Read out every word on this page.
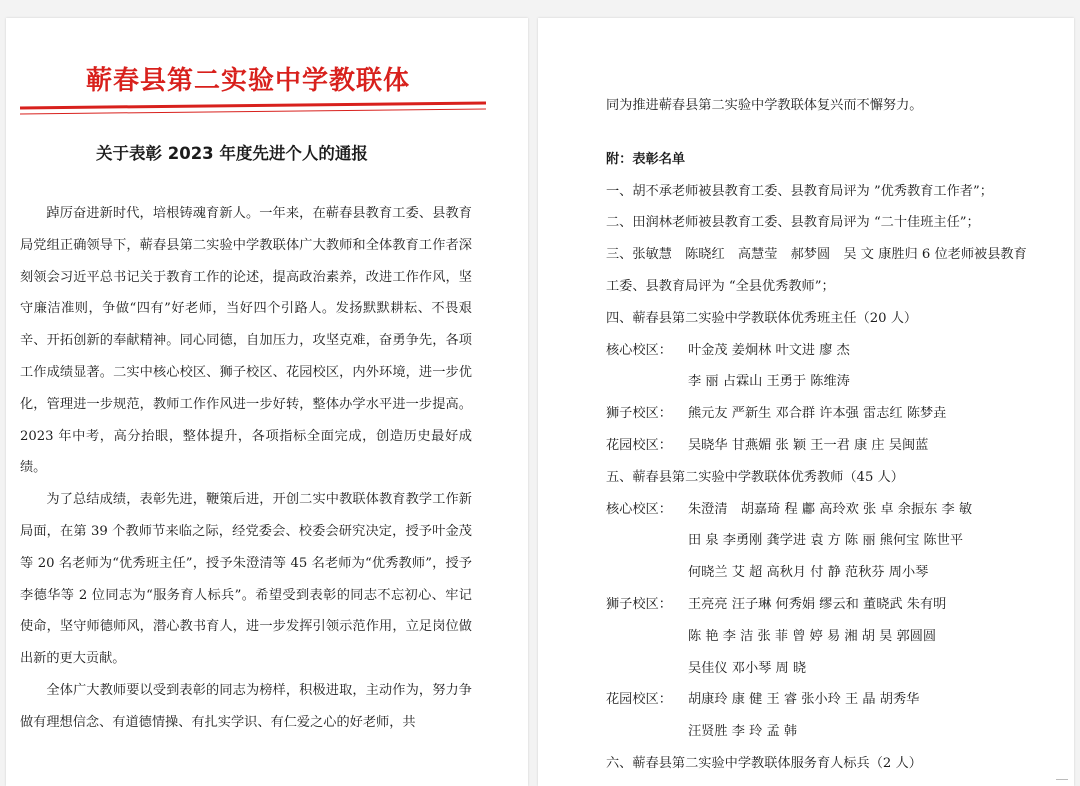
蕲春县第二实验中学教联体
关于表彰 2023 年度先进个人的通报

踔厉奋进新时代，培根铸魂育新人。一年来，在蕲春县教育工委、县教育局党组正确领导下，蕲春县第二实验中学教联体广大教师和全体教育工作者深刻领会习近平总书记关于教育工作的论述，提高政治素养，改进工作作风，坚守廉洁准则，争做“四有”好老师，当好四个引路人。发扬默默耕耘、不畏艰辛、开拓创新的奉献精神。同心同德，自加压力，攻坚克难，奋勇争先，各项工作成绩显著。二实中核心校区、狮子校区、花园校区，内外环境，进一步优化，管理进一步规范，教师工作作风进一步好转，整体办学水平进一步提高。2023 年中考，高分抬眼，整体提升，各项指标全面完成，创造历史最好成绩。

为了总结成绩，表彰先进，鞭策后进，开创二实中教联体教育教学工作新局面，在第 39 个教师节来临之际，经党委会、校委会研究决定，授予叶金茂等 20 名老师为“优秀班主任”，授予朱澄清等 45 名老师为“优秀教师”，授予李德华等 2 位同志为“服务育人标兵”。希望受到表彰的同志不忘初心、牢记使命，坚守师德师风，潜心教书育人，进一步发挥引领示范作用，立足岗位做出新的更大贡献。

全体广大教师要以受到表彰的同志为榜样，积极进取，主动作为，努力争做有理想信念、有道德情操、有扎实学识、有仁爱之心的好老师，共

同为推进蕲春县第二实验中学教联体复兴而不懈努力。
附：表彰名单
一、胡不承老师被县教育工委、县教育局评为 ”优秀教育工作者”；
二、田润林老师被县教育工委、县教育局评为 “二十佳班主任”；
三、张敏慧　陈晓红　高慧莹　郝梦圆　吴 文 康胜归 6 位老师被县教育
工委、县教育局评为 “全县优秀教师”；
四、蕲春县第二实验中学教联体优秀班主任（20 人）
核心校区：	叶金茂 姜炯林 叶文进 廖 杰
李 丽 占霖山 王勇于 陈维涛
狮子校区：	熊元友 严新生 邓合群 许本强 雷志红 陈梦垚
花园校区：	吴晓华 甘燕媚 张 颖 王一君 康 庄 吴闽蓝
五、蕲春县第二实验中学教联体优秀教师（45 人）
核心校区：	朱澄清　胡嘉琦 程 鄘 高玲欢 张 卓 余振东 李 敏
田 泉 李勇刚 龚学进 袁 方 陈 丽 熊何宝 陈世平
何晓兰 艾 超 高秋月 付 静 范秋芬 周小琴
狮子校区：	王亮亮 汪子琳 何秀娟 缪云和 董晓武 朱有明
陈 艳 李 洁 张 菲 曾 婷 易 湘 胡 昊 郭圆圆
吴佳仪 邓小琴 周 晓
花园校区：	胡康玲 康 健 王 睿 张小玲 王 晶 胡秀华
汪贤胜 李 玲 孟 韩
六、蕲春县第二实验中学教联体服务育人标兵（2 人）
